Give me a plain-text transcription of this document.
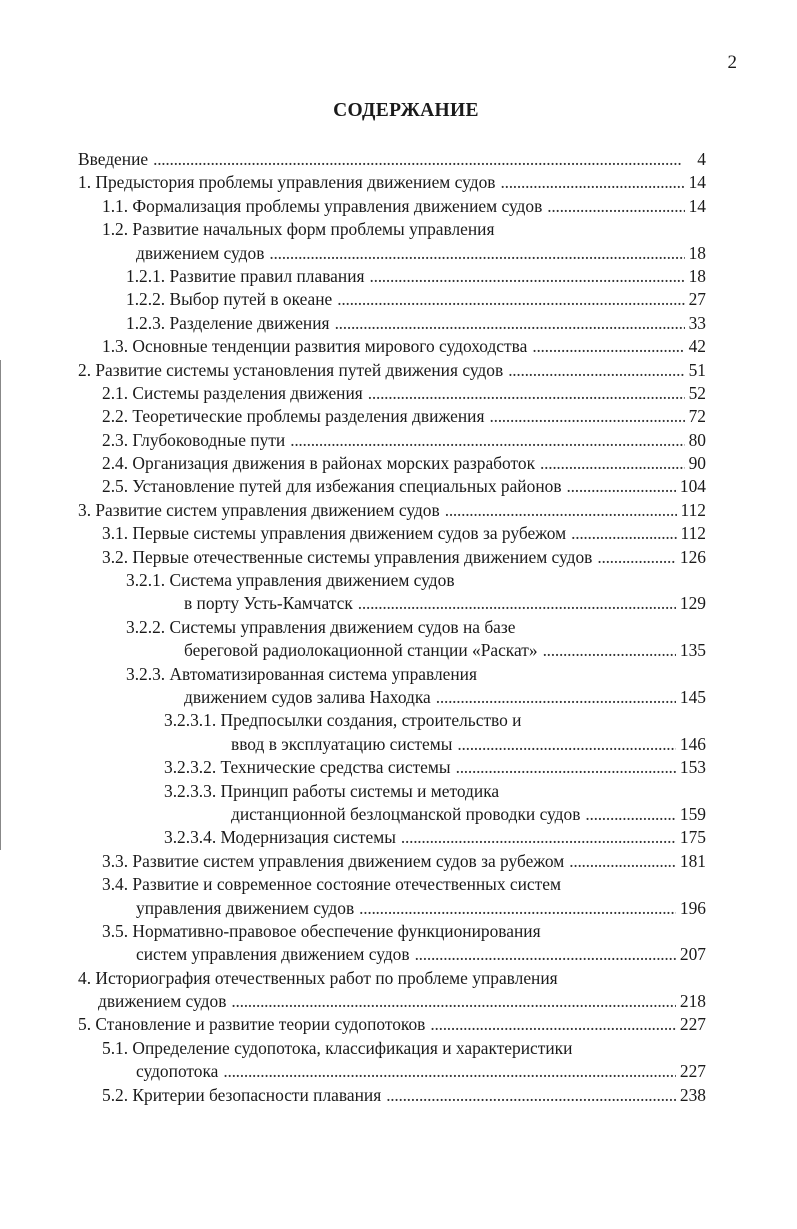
2
СОДЕРЖАНИЕ
Введение . . .	4
1. Предыстория проблемы управления движением судов . . .	14
1.1. Формализация проблемы управления движением судов . . .	14
1.2. Развитие начальных форм проблемы управления
движением судов . . .	18
1.2.1. Развитие правил плавания . . .	18
1.2.2. Выбор путей в океане . . .	27
1.2.3. Разделение движения . . .	33
1.3. Основные тенденции развития мирового судоходства . . .	42
2. Развитие системы установления путей движения судов . . .	51
2.1. Системы разделения движения . . .	52
2.2. Теоретические проблемы разделения движения . . .	72
2.3. Глубоководные пути . . .	80
2.4. Организация движения в районах морских разработок . . .	90
2.5. Установление путей для избежания специальных районов . . .	104
3. Развитие систем управления движением судов . . .	112
3.1. Первые системы управления движением судов за рубежом . . .	112
3.2. Первые отечественные системы управления движением судов . . .	126
3.2.1. Система управления движением судов
в порту Усть-Камчатск . . .	129
3.2.2. Системы управления движением судов на базе
береговой радиолокационной станции «Раскат» . . .	135
3.2.3. Автоматизированная система управления
движением судов залива Находка . . .	145
3.2.3.1. Предпосылки создания, строительство и
ввод в эксплуатацию системы . . .	146
3.2.3.2. Технические средства системы . . .	153
3.2.3.3. Принцип работы системы и методика
дистанционной безлоцманской проводки судов . . .	159
3.2.3.4. Модернизация системы . . .	175
3.3. Развитие систем управления движением судов за рубежом . . .	181
3.4. Развитие и современное состояние отечественных систем
управления движением судов . . .	196
3.5. Нормативно-правовое обеспечение функционирования
систем управления движением судов . . .	207
4. Историография отечественных работ по проблеме управления
движением судов . . .	218
5. Становление и развитие теории судопотоков . . .	227
5.1. Определение судопотока, классификация и характеристики
судопотока . . .	227
5.2. Критерии безопасности плавания . . .	238
